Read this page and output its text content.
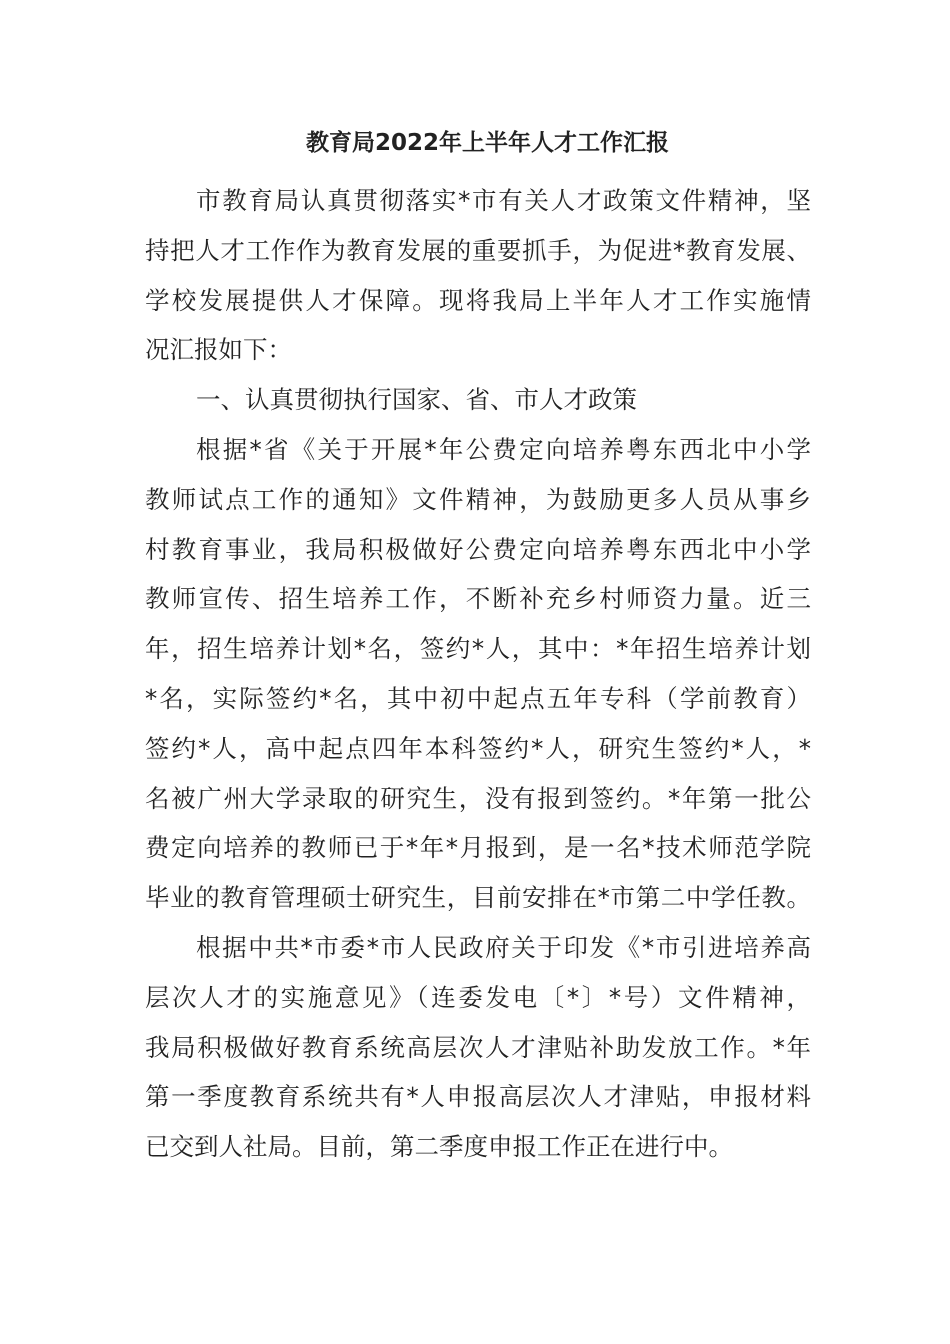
教育局2022年上半年人才工作汇报
市教育局认真贯彻落实*市有关人才政策文件精神，坚
持把人才工作作为教育发展的重要抓手，为促进*教育发展、
学校发展提供人才保障。现将我局上半年人才工作实施情
况汇报如下：
一、认真贯彻执行国家、省、市人才政策
根据*省《关于开展*年公费定向培养粤东西北中小学
教师试点工作的通知》文件精神，为鼓励更多人员从事乡
村教育事业，我局积极做好公费定向培养粤东西北中小学
教师宣传、招生培养工作，不断补充乡村师资力量。近三
年，招生培养计划*名，签约*人，其中：*年招生培养计划
*名，实际签约*名，其中初中起点五年专科（学前教育）
签约*人，高中起点四年本科签约*人，研究生签约*人，*
名被广州大学录取的研究生，没有报到签约。*年第一批公
费定向培养的教师已于*年*月报到，是一名*技术师范学院
毕业的教育管理硕士研究生，目前安排在*市第二中学任教。
根据中共*市委*市人民政府关于印发《*市引进培养高
层次人才的实施意见》（连委发电〔*〕*号）文件精神，
我局积极做好教育系统高层次人才津贴补助发放工作。*年
第一季度教育系统共有*人申报高层次人才津贴，申报材料
已交到人社局。目前，第二季度申报工作正在进行中。
